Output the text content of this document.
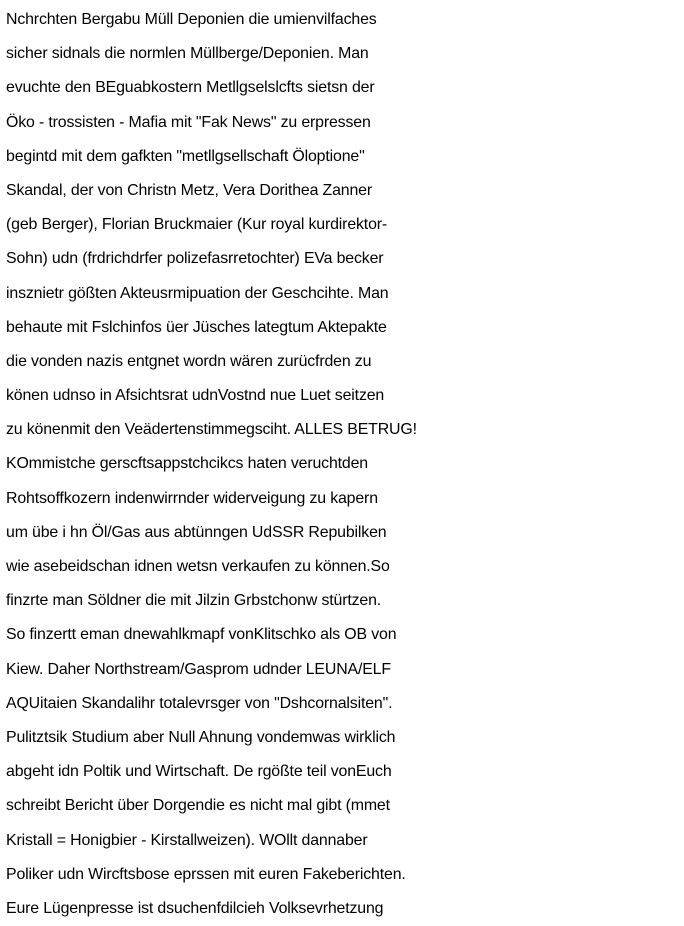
Nchrchten Bergabu Müll Deponien die umienvilfaches
sicher sidnals die normlen Müllberge/Deponien. Man
evuchte den BEguabkostern Metllgselslcfts sietsn der
Öko - trossisten - Mafia mit "Fak News" zu erpressen
begintd mit dem gafkten "metllgsellschaft Öloptione"
Skandal, der von Christn Metz, Vera Dorithea Zanner
(geb Berger), Florian Bruckmaier (Kur royal kurdirektor-
Sohn) udn (frdrichdrfer polizefasrretochter) EVa becker
insznietr gößten Akteusrmipuation der Geschcihte. Man
behaute mit Fslchinfos üer Jüsches lategtum Aktepakte
die vonden nazis entgnet wordn wären zurücfrden zu
könen udnso in Afsichtsrat udnVostnd nue Luet seitzen
zu könenmit den Veädertenstimmegsciht. ALLES BETRUG!
KOmmistche gerscftsappstchcikcs haten veruchtden
Rohtsoffkozern indenwirrnder widerveigung zu kapern
um übe i hn Öl/Gas aus abtünngen UdSSR Repubilken
wie asebeidschan idnen wetsn verkaufen zu können.So
finzrte man Söldner die mit Jilzin Grbstchonw stürtzen.
So finzertt eman dnewahlkmapf vonKlitschko als OB von
Kiew. Daher Northstream/Gasprom udnder LEUNA/ELF
AQUitaien Skandalihr totalevrsger von "Dshcornalsiten".
Pulitztsik Studium aber Null Ahnung vondemwas wirklich
abgeht idn Poltik und Wirtschaft. De rgößte teil vonEuch
schreibt Bericht über Dorgendie es nicht mal gibt (mmet
Kristall = Honigbier - Kirstallweizen). WOllt dannaber
Poliker udn Wircftsbose eprssen mit euren Fakeberichten.
Eure Lügenpresse ist dsuchenfdilcieh Volksevrhetzung
